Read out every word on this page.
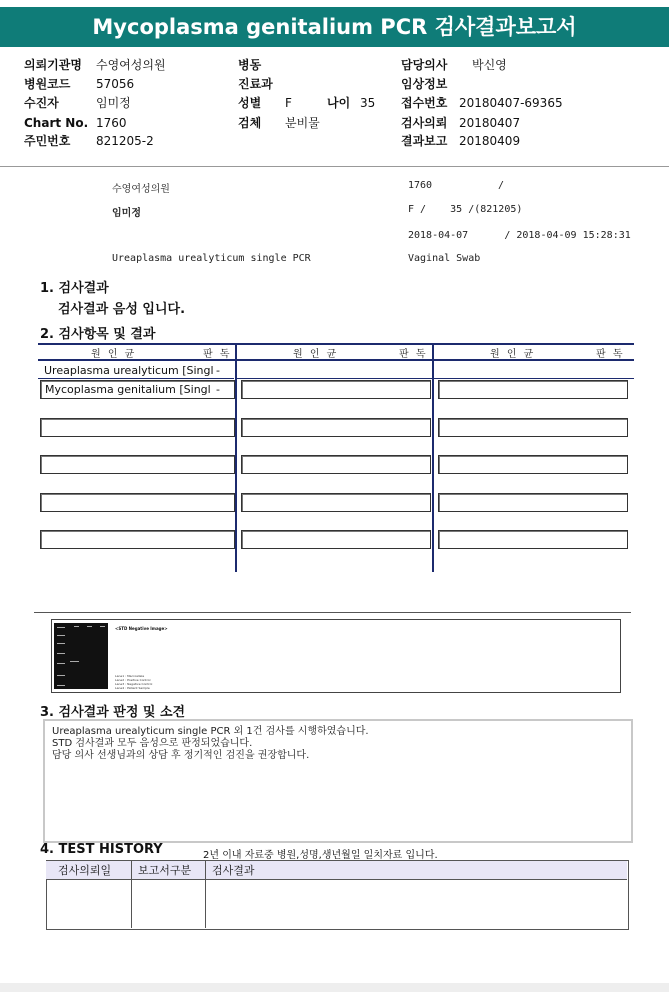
Mycoplasma genitalium PCR 검사결과보고서
의뢰기관명 수영여성의원	병동	담당의사 박신영
병원코드 57056	진료과	임상정보
수진자	임미정	성별 F	나이 35 접수번호 20180407-69365
Chart No. 1760	검체 분비물	검사의뢰 20180407
주민번호 821205-2	결과보고 20180409
수영여성의원	1760	/
임미정	F /    35 /(821205)
2018-04-07      / 2018-04-09 15:28:31
Ureaplasma urealyticum single PCR	Vaginal Swab
1. 검사결과
검사결과 음성 입니다.
2. 검사항목 및 결과
원 인 균	판 독	원 인 균	판 독	원 인 균	판 독
Ureaplasma urealyticum [Singl -
Mycoplasma genitalium [Singl -
<STD Negative Image>
Lane1 : Macroallele
Lane2 : Positive Control
Lane3 : Negative Control
Lane4 : Patient Sample
3. 검사결과 판정 및 소견
Ureaplasma urealyticum single PCR 외 1건 검사를 시행하였습니다.
STD 검사결과 모두 음성으로 판정되었습니다.
담당 의사 선생님과의 상담 후 정기적인 검진을 권장합니다.
4. TEST HISTORY	2년 이내 자료중 병원,성명,생년월일 일치자료 입니다.
검사의뢰일 보고서구분 검사결과
